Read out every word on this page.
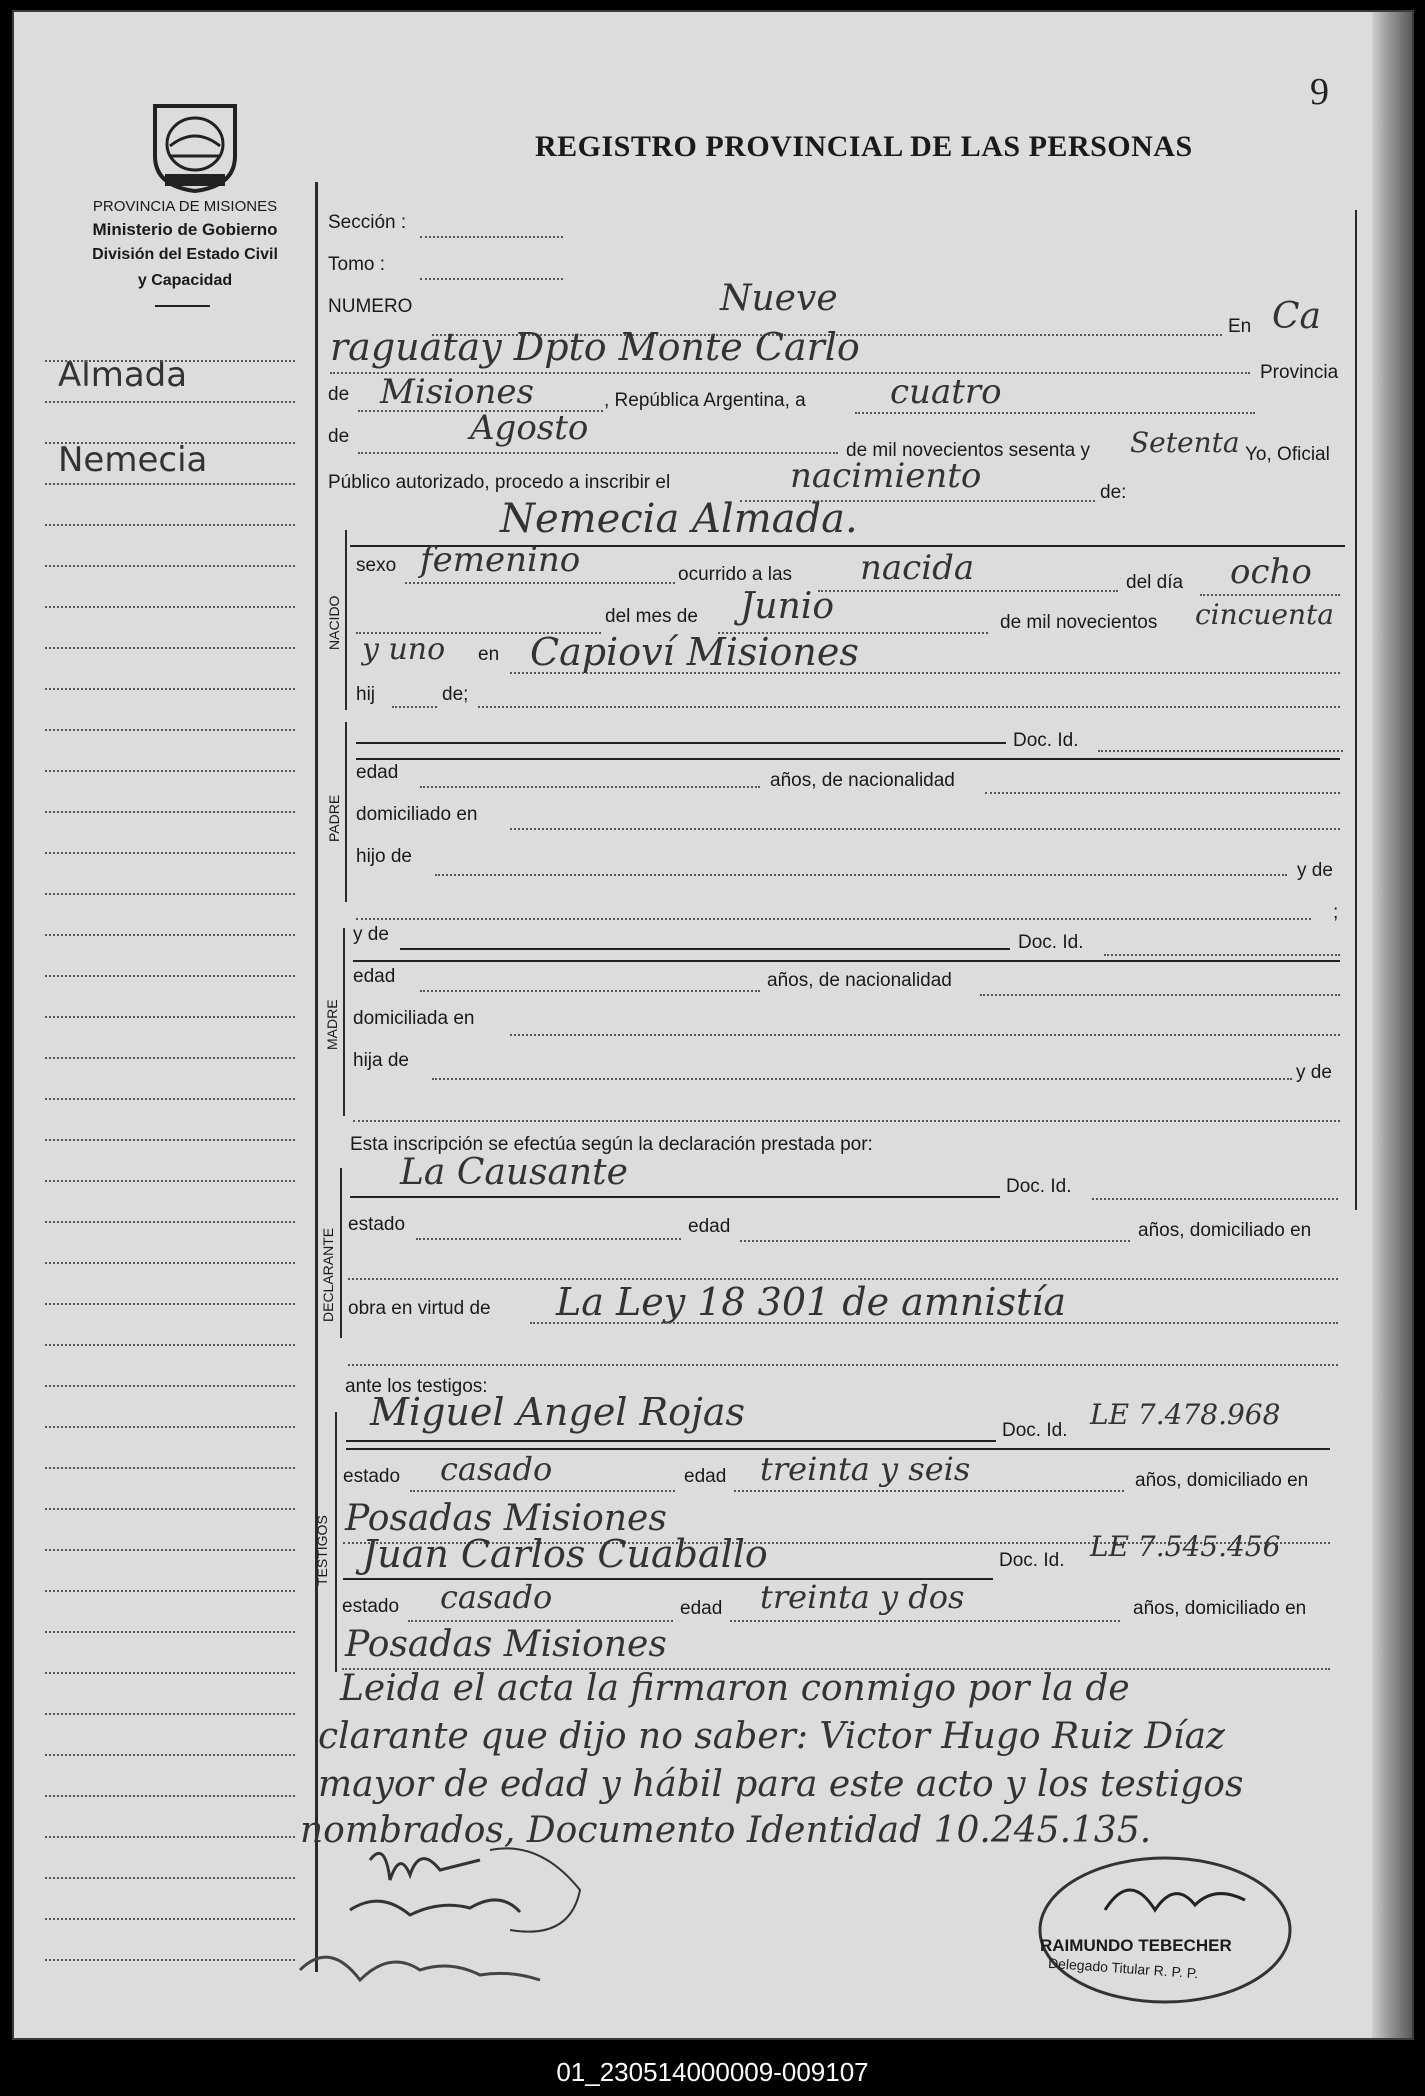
9
PROVINCIA DE MISIONES
Ministerio de Gobierno
División del Estado Civil
y Capacidad
REGISTRO PROVINCIAL DE LAS PERSONAS
Almada
Nemecia
Sección :
Tomo :
NUMERO	Nueve
En Ca
raguatay Dpto Monte Carlo
Provincia
de Misiones	, República Argentina, a cuatro
de	Agosto
de mil novecientos sesenta y Setenta Yo, Oficial
Público autorizado, procedo a inscribir el	nacimiento	de:
Nemecia Almada.
NACIDO
sexo femenino	ocurrido a las nacida	del día ocho
del mes de Junio	de mil novecientos cincuenta
y uno en Capioví Misiones
hij	de;
PADRE
Doc. Id.
edad	años, de nacionalidad
domiciliado en
hijo de
y de
;
MADRE
y de	Doc. Id.
edad	años, de nacionalidad
domiciliada en
hija de
y de
Esta inscripción se efectúa según la declaración prestada por:
DECLARANTE
La Causante	Doc. Id.
estado	edad	años, domiciliado en
obra en virtud de La Ley 18 301 de amnistía
ante los testigos:
TESTIGOS
Miguel Angel Rojas	Doc. Id. LE 7.478.968
estado casado	edad treinta y seis	años, domiciliado en
Posadas Misiones
Juan Carlos Cuaballo	Doc. Id. LE 7.545.456
estado casado	edad treinta y dos	años, domiciliado en
Posadas Misiones
Leida el acta la firmaron conmigo por la de
clarante que dijo no saber: Victor Hugo Ruiz Díaz
mayor de edad y hábil para este acto y los testigos
nombrados, Documento Identidad 10.245.135.
RAIMUNDO TEBECHER
Delegado Titular R. P. P.
01_230514000009-009107
